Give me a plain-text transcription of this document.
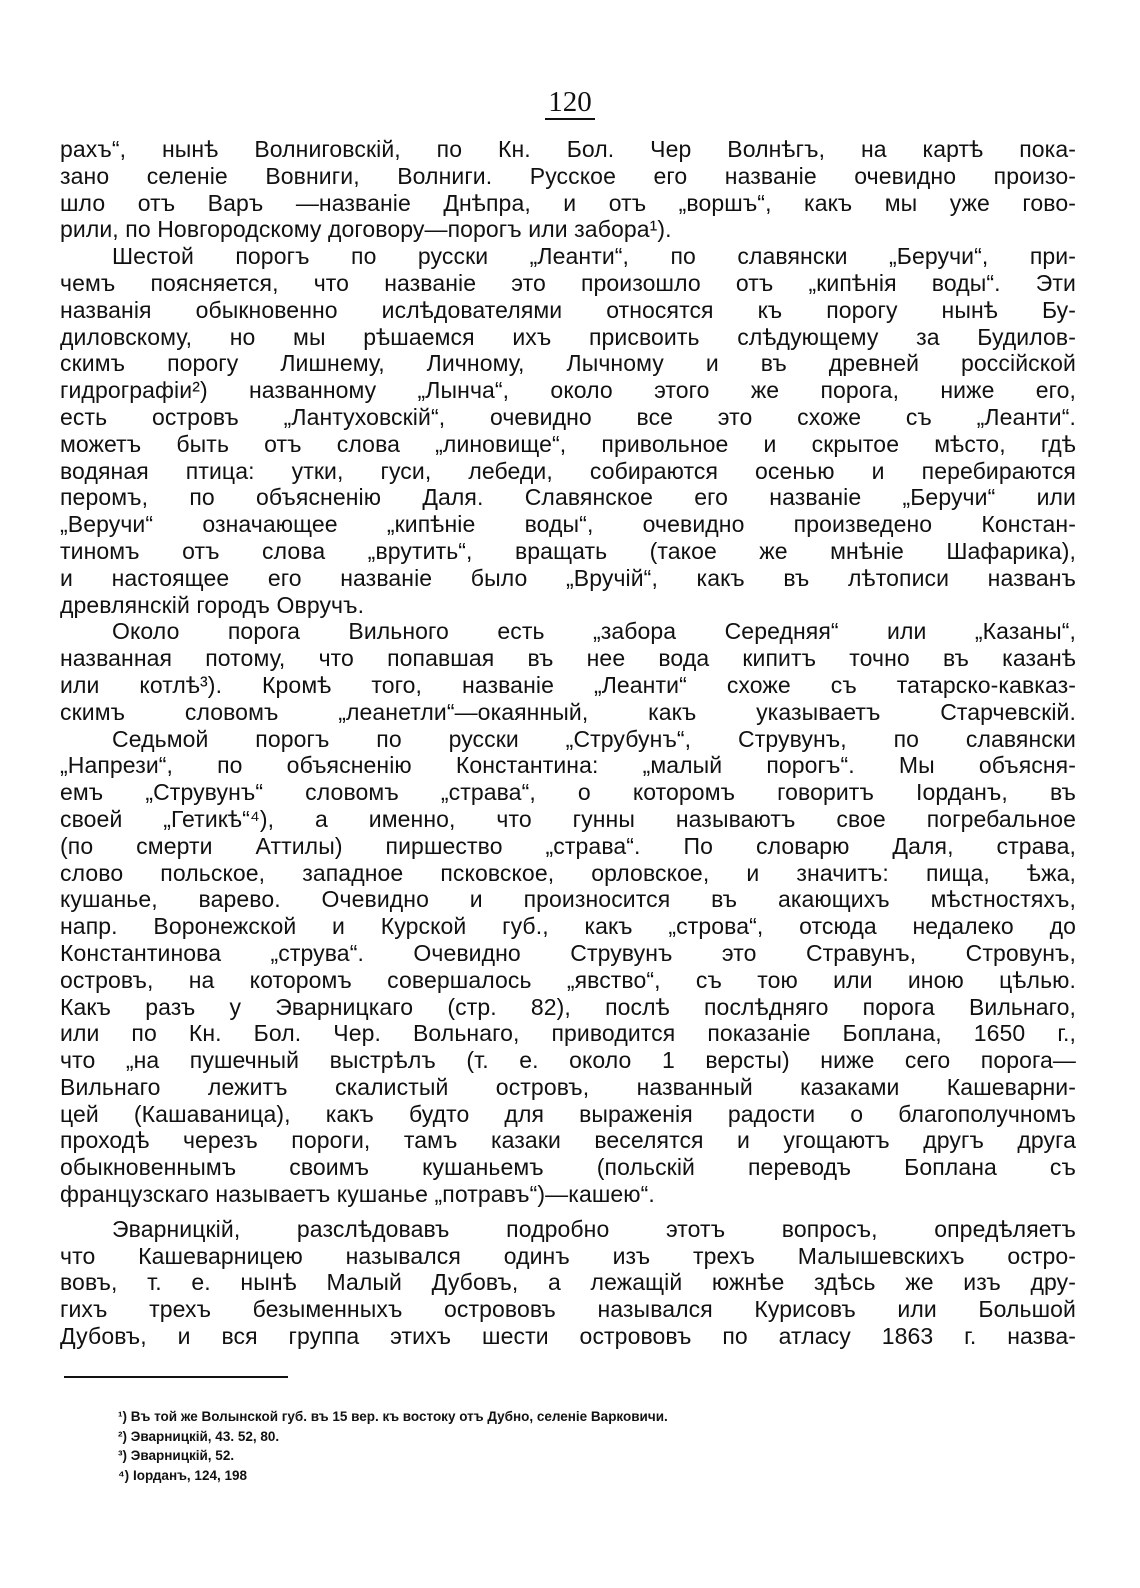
120
рахъ“, нынѣ Волниговскій, по Кн. Бол. Чер Волнѣгъ, на картѣ пока-
зано селеніе Вовниги, Волниги. Русское его названіе очевидно произо-
шло отъ Варъ —названіе Днѣпра, и отъ „воршъ“, какъ мы уже гово-
рили, по Новгородскому договору—порогъ или забора¹).
Шестой порогъ по русски „Леанти“, по славянски „Беручи“, при-
чемъ поясняется, что названіе это произошло отъ „кипѣнія воды“. Эти
названія обыкновенно ислѣдователями относятся къ порогу нынѣ Бу-
диловскому, но мы рѣшаемся ихъ присвоить слѣдующему за Будилов-
скимъ порогу Лишнему, Личному, Лычному и въ древней россійской
гидрографіи²) названному „Лынча“, около этого же порога, ниже его,
есть островъ „Лантуховскій“, очевидно все это схоже съ „Леанти“.
можетъ быть отъ слова „линовище“, привольное и скрытое мѣсто, гдѣ
водяная птица: утки, гуси, лебеди, собираются осенью и перебираются
перомъ, по объясненію Даля. Славянское его названіе „Беручи“ или
„Веручи“ означающее „кипѣніе воды“, очевидно произведено Констан-
тиномъ отъ слова „врутить“, вращать (такое же мнѣніе Шафарика),
и настоящее его названіе было „Вручій“, какъ въ лѣтописи названъ
древлянскій городъ Овручъ.
Около порога Вильного есть „забора Середняя“ или „Казаны“,
названная потому, что попавшая въ нее вода кипитъ точно въ казанѣ
или котлѣ³). Кромѣ того, названіе „Леанти“ схоже съ татарско-кавказ-
скимъ словомъ „леанетли“—окаянный, какъ указываетъ Старчевскій.
Седьмой порогъ по русски „Струбунъ“, Струвунъ, по славянски
„Напрези“, по объясненію Константина: „малый порогъ“. Мы объясня-
емъ „Струвунъ“ словомъ „страва“, о которомъ говоритъ Іорданъ, въ
своей „Гетикѣ“⁴), а именно, что гунны называютъ свое погребальное
(по смерти Аттилы) пиршество „страва“. По словарю Даля, страва,
слово польское, западное псковское, орловское, и значитъ: пища, ѣжа,
кушанье, варево. Очевидно и произносится въ акающихъ мѣстностяхъ,
напр. Воронежской и Курской губ., какъ „строва“, отсюда недалеко до
Константинова „струва“. Очевидно Струвунъ это Стравунъ, Стровунъ,
островъ, на которомъ совершалось „явство“, съ тою или иною цѣлью.
Какъ разъ у Эварницкаго (стр. 82), послѣ послѣдняго порога Вильнаго,
или по Кн. Бол. Чер. Вольнаго, приводится показаніе Боплана, 1650 г.,
что „на пушечный выстрѣлъ (т. е. около 1 версты) ниже сего порога—
Вильнаго лежитъ скалистый островъ, названный казаками Кашеварни-
цей (Кашаваница), какъ будто для выраженія радости о благополучномъ
проходѣ черезъ пороги, тамъ казаки веселятся и угощаютъ другъ друга
обыкновеннымъ своимъ кушаньемъ (польскій переводъ Боплана съ
французскаго называетъ кушанье „потравъ“)—кашею“.
Эварницкій, разслѣдовавъ подробно этотъ вопросъ, опредѣляетъ
что Кашеварницею назывался одинъ изъ трехъ Малышевскихъ остро-
вовъ, т. е. нынѣ Малый Дубовъ, а лежащій южнѣе здѣсь же изъ дру-
гихъ трехъ безыменныхъ острововъ назывался Курисовъ или Большой
Дубовъ, и вся группа этихъ шести острововъ по атласу 1863 г. назва-
¹) Въ той же Волынской губ. въ 15 вер. къ востоку отъ Дубно, селеніе Варковичи.
²) Эварницкій, 43. 52, 80.
³) Эварницкій, 52.
⁴) Іорданъ, 124, 198
